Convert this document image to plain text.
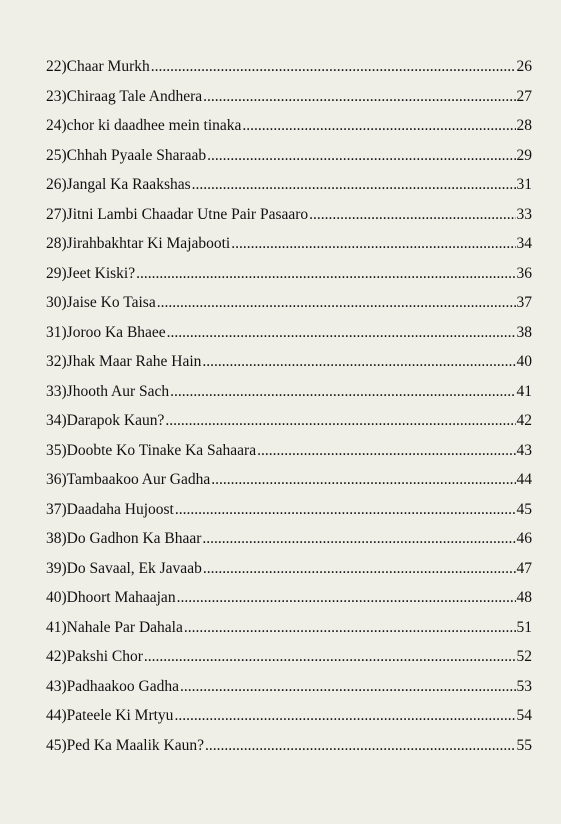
22) Chaar Murkh .....	26
23) Chiraag Tale Andhera .....	27
24) chor ki daadhee mein tinaka .....	28
25) Chhah Pyaale Sharaab .....	29
26) Jangal Ka Raakshas .....	31
27) Jitni Lambi Chaadar Utne Pair Pasaaro .....	33
28) Jirahbakhtar Ki Majabooti .....	34
29) Jeet Kiski? .....	36
30) Jaise Ko Taisa .....	37
31) Joroo Ka Bhaee .....	38
32) Jhak Maar Rahe Hain .....	40
33) Jhooth Aur Sach .....	41
34) Darapok Kaun? .....	42
35) Doobte Ko Tinake Ka Sahaara .....	43
36) Tambaakoo Aur Gadha .....	44
37) Daadaha Hujoost .....	45
38) Do Gadhon Ka Bhaar .....	46
39) Do Savaal, Ek Javaab .....	47
40) Dhoort Mahaajan .....	48
41) Nahale Par Dahala .....	51
42) Pakshi Chor .....	52
43) Padhaakoo Gadha .....	53
44) Pateele Ki Mrtyu .....	54
45) Ped Ka Maalik Kaun? .....	55
